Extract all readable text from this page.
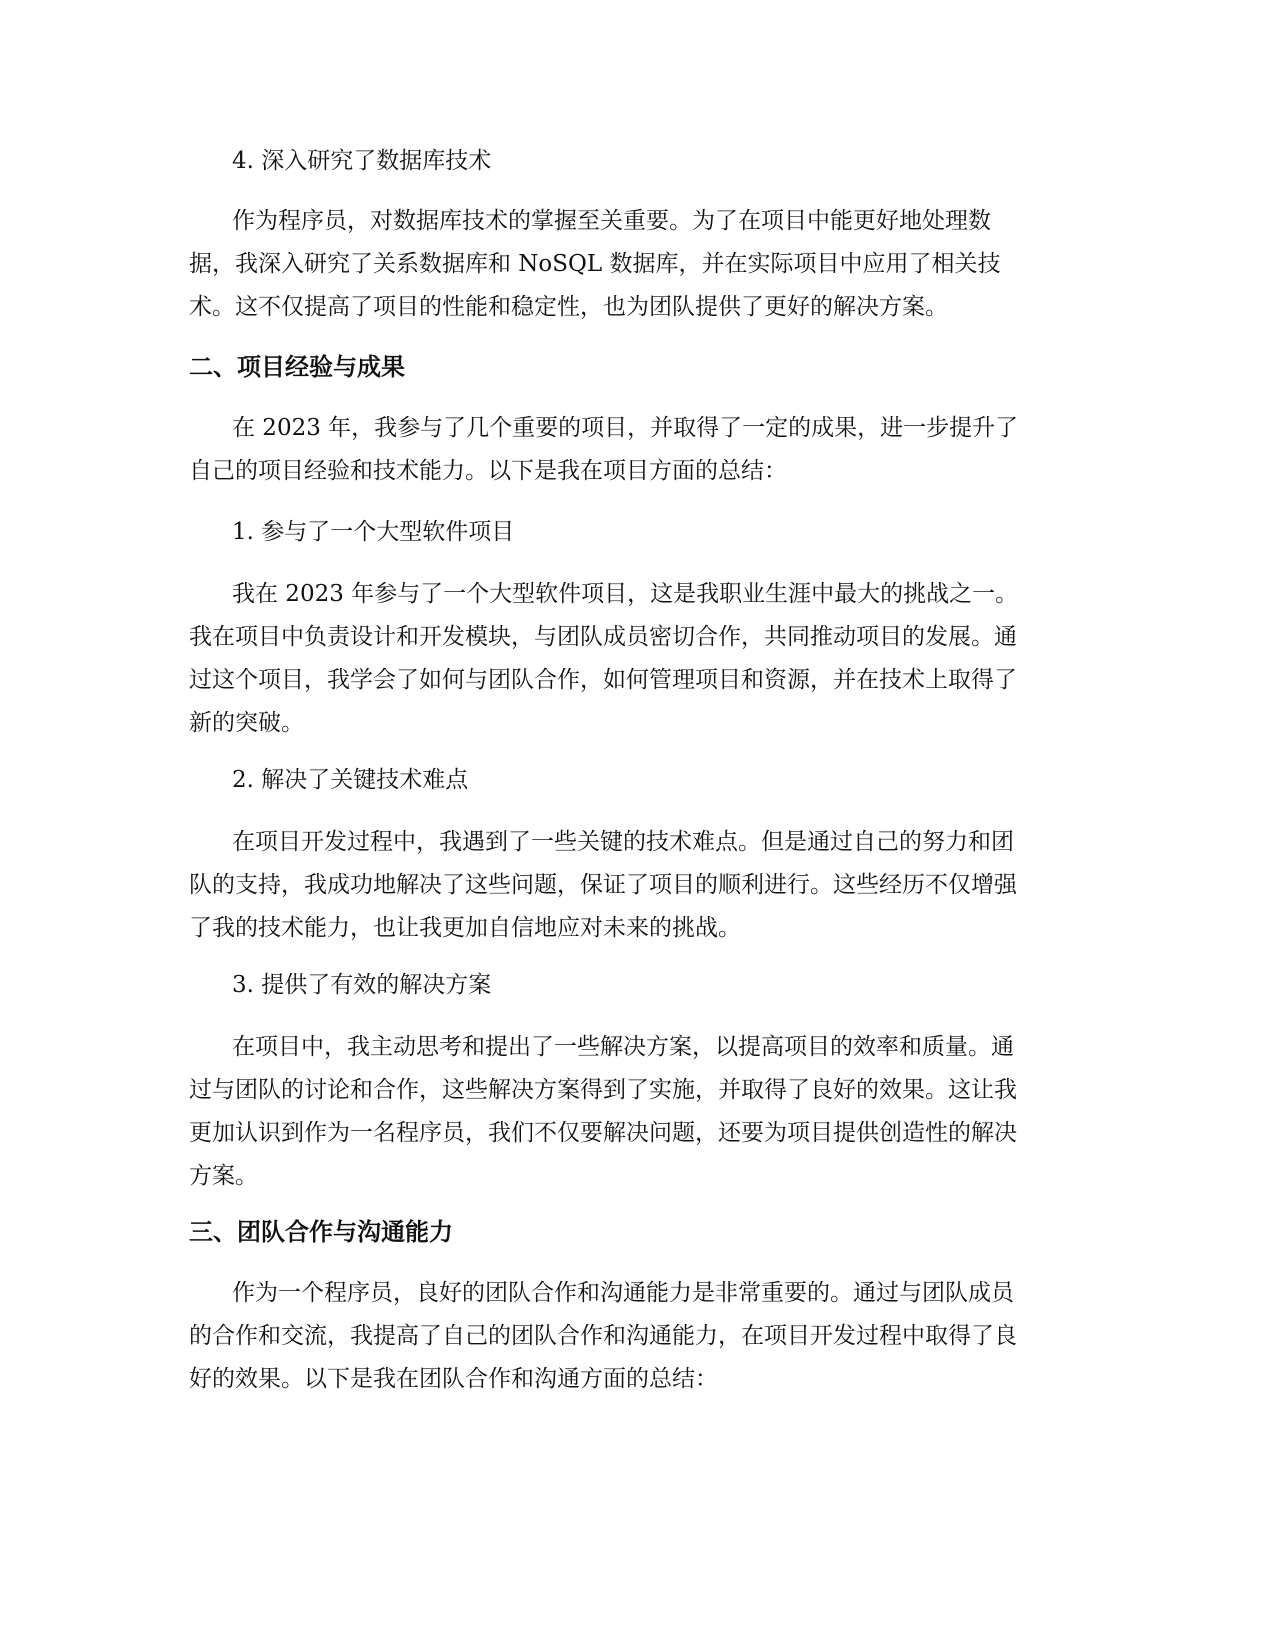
4. 深入研究了数据库技术
作为程序员，对数据库技术的掌握至关重要。为了在项目中能更好地处理数
据，我深入研究了关系数据库和 NoSQL 数据库，并在实际项目中应用了相关技
术。这不仅提高了项目的性能和稳定性，也为团队提供了更好的解决方案。
二、项目经验与成果
在 2023 年，我参与了几个重要的项目，并取得了一定的成果，进一步提升了
自己的项目经验和技术能力。以下是我在项目方面的总结：
1. 参与了一个大型软件项目
我在 2023 年参与了一个大型软件项目，这是我职业生涯中最大的挑战之一。
我在项目中负责设计和开发模块，与团队成员密切合作，共同推动项目的发展。通
过这个项目，我学会了如何与团队合作，如何管理项目和资源，并在技术上取得了
新的突破。
2. 解决了关键技术难点
在项目开发过程中，我遇到了一些关键的技术难点。但是通过自己的努力和团
队的支持，我成功地解决了这些问题，保证了项目的顺利进行。这些经历不仅增强
了我的技术能力，也让我更加自信地应对未来的挑战。
3. 提供了有效的解决方案
在项目中，我主动思考和提出了一些解决方案，以提高项目的效率和质量。通
过与团队的讨论和合作，这些解决方案得到了实施，并取得了良好的效果。这让我
更加认识到作为一名程序员，我们不仅要解决问题，还要为项目提供创造性的解决
方案。
三、团队合作与沟通能力
作为一个程序员，良好的团队合作和沟通能力是非常重要的。通过与团队成员
的合作和交流，我提高了自己的团队合作和沟通能力，在项目开发过程中取得了良
好的效果。以下是我在团队合作和沟通方面的总结：
